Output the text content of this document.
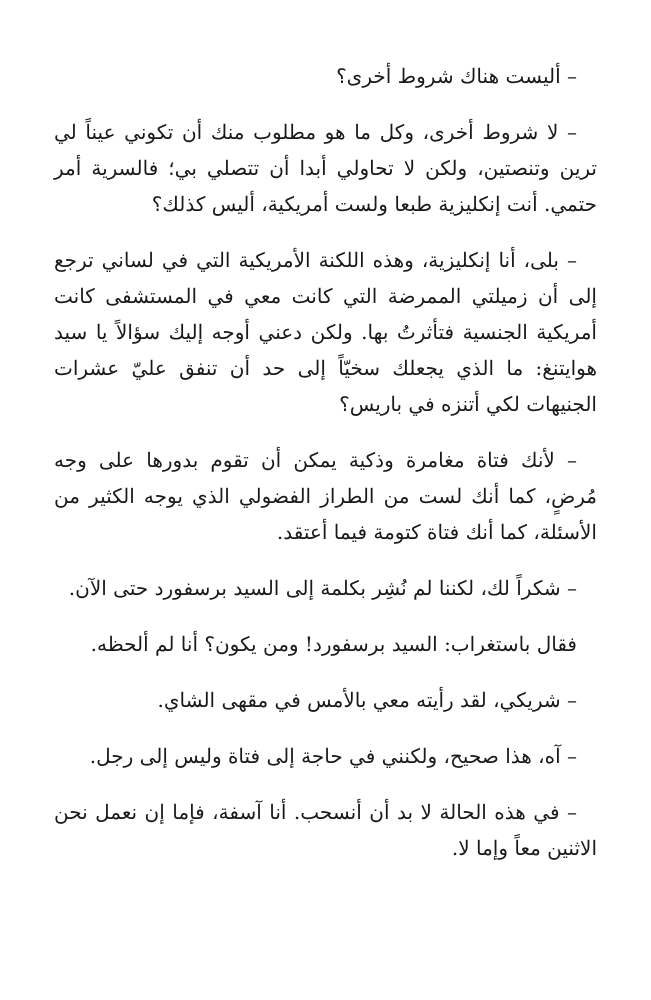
– أليست هناك شروط أخرى؟

– لا شروط أخرى، وكل ما هو مطلوب منك أن تكوني عيناً لي ترين وتنصتين، ولكن لا تحاولي أبدا أن تتصلي بي؛ فالسرية أمر حتمي. أنت إنكليزية طبعا ولست أمريكية، أليس كذلك؟

– بلى، أنا إنكليزية، وهذه اللكنة الأمريكية التي في لساني ترجع إلى أن زميلتي الممرضة التي كانت معي في المستشفى كانت أمريكية الجنسية فتأثرتُ بها. ولكن دعني أوجه إليك سؤالاً يا سيد هوايتنغ: ما الذي يجعلك سخيّاً إلى حد أن تنفق عليّ عشرات الجنيهات لكي أتنزه في باريس؟

– لأنك فتاة مغامرة وذكية يمكن أن تقوم بدورها على وجه مُرضٍ، كما أنك لست من الطراز الفضولي الذي يوجه الكثير من الأسئلة، كما أنك فتاة كتومة فيما أعتقد.

– شكراً لك، لكننا لم نُشِر بكلمة إلى السيد برسفورد حتى الآن.

فقال باستغراب: السيد برسفورد! ومن يكون؟ أنا لم ألحظه.

– شريكي، لقد رأيته معي بالأمس في مقهى الشاي.

– آه، هذا صحيح، ولكنني في حاجة إلى فتاة وليس إلى رجل.

– في هذه الحالة لا بد أن أنسحب. أنا آسفة، فإما إن نعمل نحن الاثنين معاً وإما لا.
